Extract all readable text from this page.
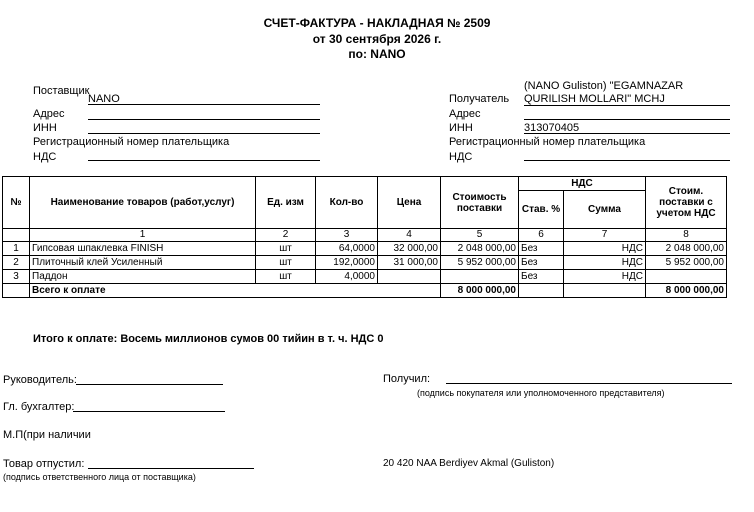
СЧЕТ-ФАКТУРА - НАКЛАДНАЯ № 2509
от 30 сентября 2026 г.
по: NANO
Поставщик
NANO
Адрес
ИНН
Регистрационный номер плательщика
НДС
Получатель
(NANO Guliston) "EGAMNAZAR
QURILISH MOLLARI" MCHJ
Адрес
ИНН	313070405
Регистрационный номер плательщика
НДС
№	Наименование товаров (работ,услуг)	Ед. изм	Кол-во	Цена	Стоимость поставки	НДС		Стоим. поставки с учетом НДС
						Став. %	Сумма	
	1	2	3	4	5	6	7	8
1	Гипсовая шпаклевка FINISH	шт	64,0000	32 000,00	2 048 000,00	Без	НДС	2 048 000,00
2	Плиточный клей Усиленный	шт	192,0000	31 000,00	5 952 000,00	Без	НДС	5 952 000,00
3	Паддон	шт	4,0000			Без	НДС	
	Всего к оплате				8 000 000,00			8 000 000,00
Итого к оплате: Восемь миллионов сумов 00 тийин в т. ч. НДС 0
Руководитель:
Гл. бухгалтер:
М.П(при наличии
Товар отпустил:
(подпись ответственного лица от поставщика)
Получил:
(подпись покупателя или уполномоченного представителя)
20 420 NAA Berdiyev Akmal (Guliston)
